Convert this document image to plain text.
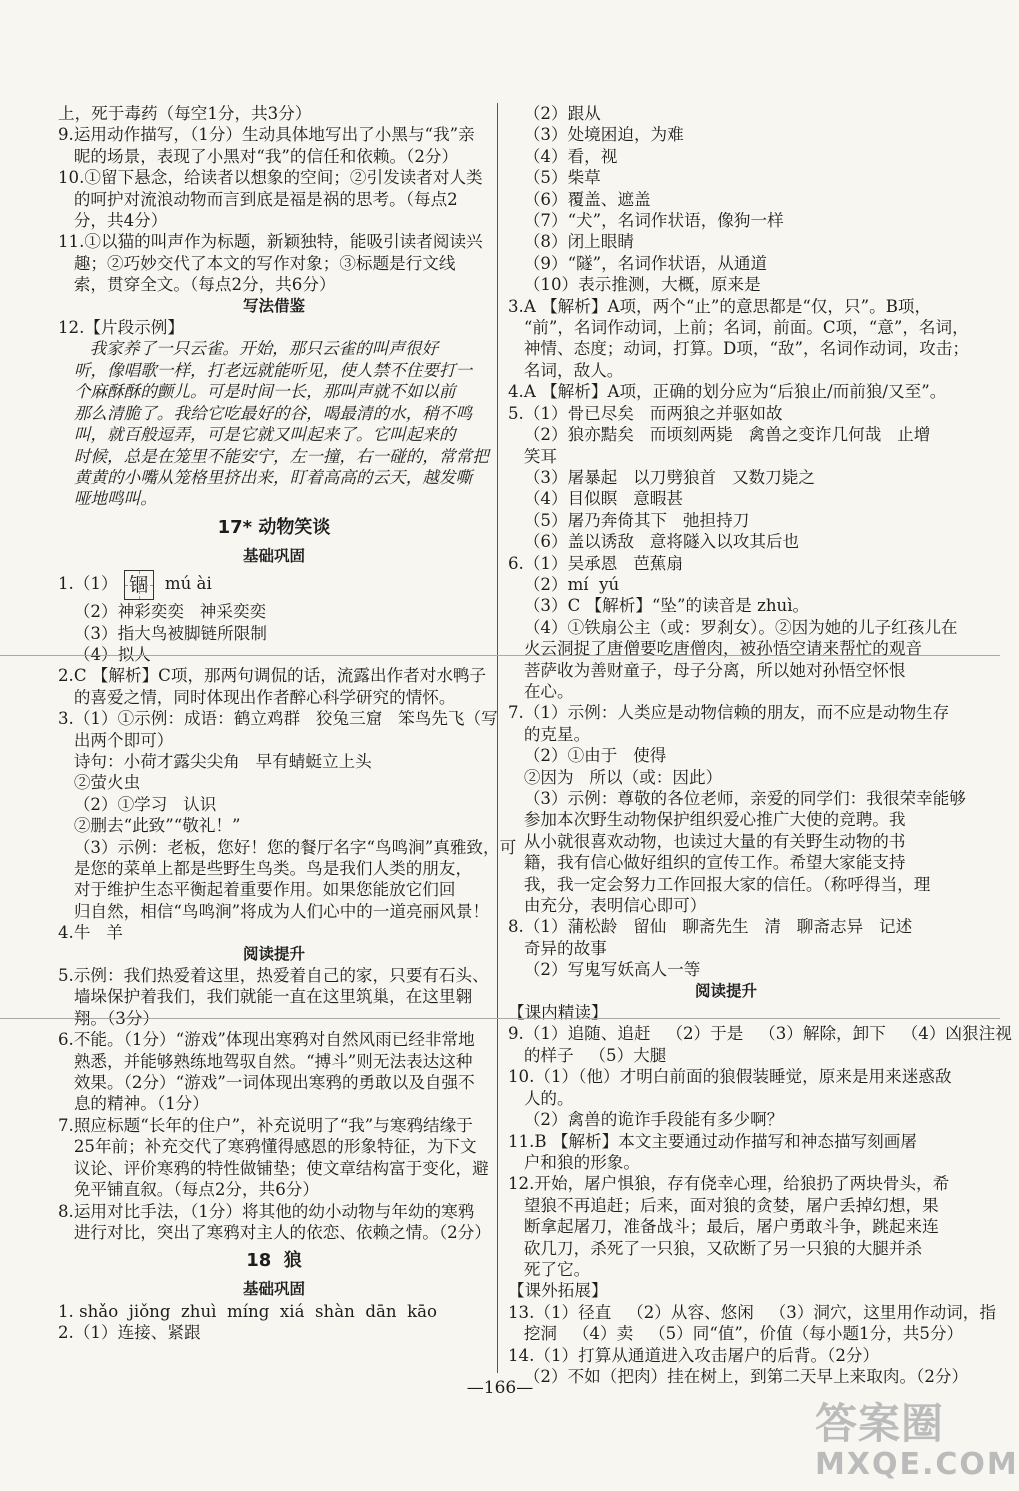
上，死于毒药（每空1分，共3分）
9.运用动作描写，（1分）生动具体地写出了小黑与“我”亲
昵的场景，表现了小黑对“我”的信任和依赖。（2分）
10.①留下悬念，给读者以想象的空间；②引发读者对人类
的呵护对流浪动物而言到底是福是祸的思考。（每点2
分，共4分）
11.①以猫的叫声作为标题，新颖独特，能吸引读者阅读兴
趣；②巧妙交代了本文的写作对象；③标题是行文线
索，贯穿全文。（每点2分，共6分）
写法借鉴
12.【片段示例】
我家养了一只云雀。开始，那只云雀的叫声很好
听，像唱歌一样，打老远就能听见，使人禁不住要打一
个麻酥酥的颤儿。可是时间一长，那叫声就不如以前
那么清脆了。我给它吃最好的谷，喝最清的水，稍不鸣
叫，就百般逗弄，可是它就又叫起来了。它叫起来的
时候，总是在笼里不能安宁，左一撞，右一碰的，常常把
黄黄的小嘴从笼格里挤出来，盯着高高的云天，越发嘶
哑地鸣叫。
17* 动物笑谈
基础巩固
1.（1） 锢 mú ài
（2）神彩奕奕   神采奕奕
（3）指大鸟被脚链所限制
（4）拟人
2.C 【解析】C项，那两句调侃的话，流露出作者对水鸭子
的喜爱之情，同时体现出作者醉心科学研究的情怀。
3.（1）①示例：成语：鹤立鸡群   狡兔三窟   笨鸟先飞（写
出两个即可）
诗句：小荷才露尖尖角   早有蜻蜓立上头
②萤火虫
（2）①学习   认识
②删去“此致”“敬礼！”
（3）示例：老板，您好！您的餐厅名字“鸟鸣涧”真雅致，可
是您的菜单上都是些野生鸟类。鸟是我们人类的朋友，
对于维护生态平衡起着重要作用。如果您能放它们回
归自然，相信“鸟鸣涧”将成为人们心中的一道亮丽风景！
4.牛   羊
阅读提升
5.示例：我们热爱着这里，热爱着自己的家，只要有石头、
墙垛保护着我们，我们就能一直在这里筑巢，在这里翱
翔。（3分）
6.不能。（1分）“游戏”体现出寒鸦对自然风雨已经非常地
熟悉，并能够熟练地驾驭自然。“搏斗”则无法表达这种
效果。（2分）“游戏”一词体现出寒鸦的勇敢以及自强不
息的精神。（1分）
7.照应标题“长年的住户”，补充说明了“我”与寒鸦结缘于
25年前；补充交代了寒鸦懂得感恩的形象特征，为下文
议论、评价寒鸦的特性做铺垫；使文章结构富于变化，避
免平铺直叙。（每点2分，共6分）
8.运用对比手法，（1分）将其他的幼小动物与年幼的寒鸦
进行对比，突出了寒鸦对主人的依恋、依赖之情。（2分）
18  狼
基础巩固
1. shǎo  jiǒng  zhuì  míng  xiá  shàn  dān  kāo
2.（1）连接、紧跟
（2）跟从
（3）处境困迫，为难
（4）看，视
（5）柴草
（6）覆盖、遮盖
（7）“犬”，名词作状语，像狗一样
（8）闭上眼睛
（9）“隧”，名词作状语，从通道
（10）表示推测，大概，原来是
3.A 【解析】A项，两个“止”的意思都是“仅，只”。B项，
“前”，名词作动词，上前；名词，前面。C项，“意”，名词，
神情、态度；动词，打算。D项，“敌”，名词作动词，攻击；
名词，敌人。
4.A 【解析】A项，正确的划分应为“后狼止/而前狼/又至”。
5.（1）骨已尽矣   而两狼之并驱如故
（2）狼亦黠矣   而顷刻两毙   禽兽之变诈几何哉   止增
笑耳
（3）屠暴起   以刀劈狼首   又数刀毙之
（4）目似瞑   意暇甚
（5）屠乃奔倚其下   弛担持刀
（6）盖以诱敌   意将隧入以攻其后也
6.（1）吴承恩   芭蕉扇
（2）mí  yú
（3）C 【解析】“坠”的读音是 zhuì。
（4）①铁扇公主（或：罗刹女）。②因为她的儿子红孩儿在
火云洞捉了唐僧要吃唐僧肉，被孙悟空请来帮忙的观音
菩萨收为善财童子，母子分离，所以她对孙悟空怀恨
在心。
7.（1）示例：人类应是动物信赖的朋友，而不应是动物生存
的克星。
（2）①由于   使得
②因为   所以（或：因此）
（3）示例：尊敬的各位老师，亲爱的同学们：我很荣幸能够
参加本次野生动物保护组织爱心推广大使的竞聘。我
从小就很喜欢动物，也读过大量的有关野生动物的书
籍，我有信心做好组织的宣传工作。希望大家能支持
我，我一定会努力工作回报大家的信任。（称呼得当，理
由充分，表明信心即可）
8.（1）蒲松龄   留仙   聊斋先生   清   聊斋志异   记述
奇异的故事
（2）写鬼写妖高人一等
阅读提升
【课内精读】
9.（1）追随、追赶   （2）于是   （3）解除，卸下   （4）凶狠注视
的样子   （5）大腿
10.（1）（他）才明白前面的狼假装睡觉，原来是用来迷惑敌
人的。
（2）禽兽的诡诈手段能有多少啊？
11.B 【解析】本文主要通过动作描写和神态描写刻画屠
户和狼的形象。
12.开始，屠户惧狼，存有侥幸心理，给狼扔了两块骨头，希
望狼不再追赶；后来，面对狼的贪婪，屠户丢掉幻想，果
断拿起屠刀，准备战斗；最后，屠户勇敢斗争，跳起来连
砍几刀，杀死了一只狼，又砍断了另一只狼的大腿并杀
死了它。
【课外拓展】
13.（1）径直   （2）从容、悠闲   （3）洞穴，这里用作动词，指
挖洞   （4）卖   （5）同“值”，价值（每小题1分，共5分）
14.（1）打算从通道进入攻击屠户的后背。（2分）
（2）不如（把肉）挂在树上，到第二天早上来取肉。（2分）
—166—
答案圈
MXQE.COM
